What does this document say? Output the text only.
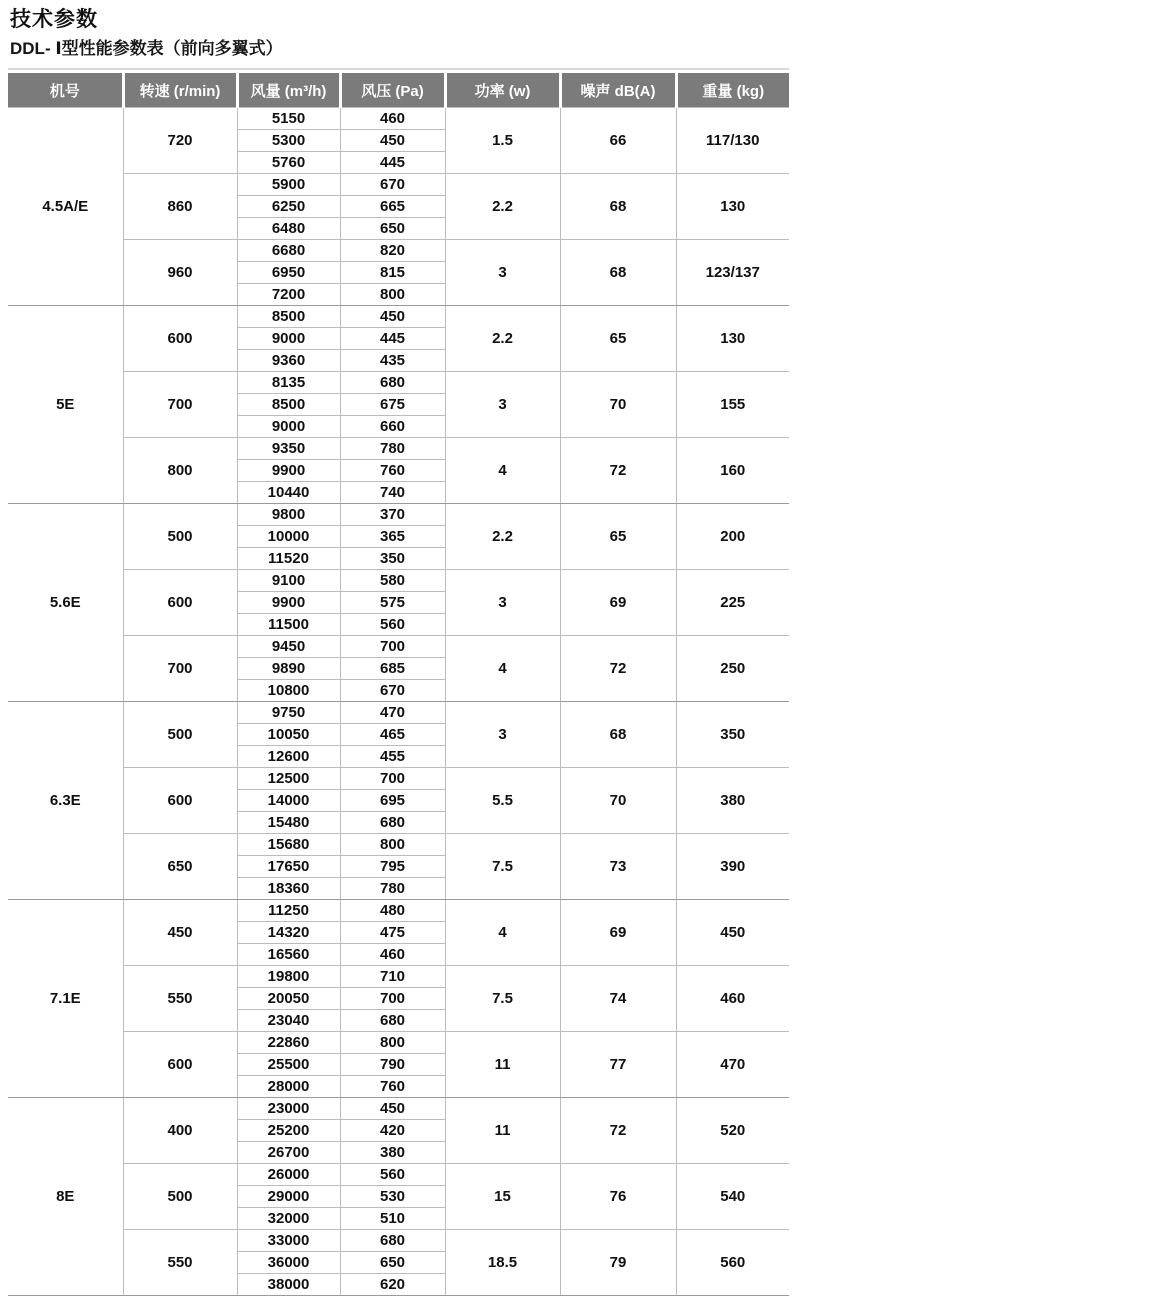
技术参数
DDL- Ⅰ型性能参数表（前向多翼式）
机号	转速 (r/min)	风量 (m³/h)	风压 (Pa)	功率 (w)	噪声 dB(A)	重量 (kg)
4.5A/E	720	5150	460	1.5	66	117/130
		5300	450			
		5760	445			
	860	5900	670	2.2	68	130
		6250	665			
		6480	650			
	960	6680	820	3	68	123/137
		6950	815			
		7200	800			
5E	600	8500	450	2.2	65	130
		9000	445			
		9360	435			
	700	8135	680	3	70	155
		8500	675			
		9000	660			
	800	9350	780	4	72	160
		9900	760			
		10440	740			
5.6E	500	9800	370	2.2	65	200
		10000	365			
		11520	350			
	600	9100	580	3	69	225
		9900	575			
		11500	560			
	700	9450	700	4	72	250
		9890	685			
		10800	670			
6.3E	500	9750	470	3	68	350
		10050	465			
		12600	455			
	600	12500	700	5.5	70	380
		14000	695			
		15480	680			
	650	15680	800	7.5	73	390
		17650	795			
		18360	780			
7.1E	450	11250	480	4	69	450
		14320	475			
		16560	460			
	550	19800	710	7.5	74	460
		20050	700			
		23040	680			
	600	22860	800	11	77	470
		25500	790			
		28000	760			
8E	400	23000	450	11	72	520
		25200	420			
		26700	380			
	500	26000	560	15	76	540
		29000	530			
		32000	510			
	550	33000	680	18.5	79	560
		36000	650			
		38000	620			
